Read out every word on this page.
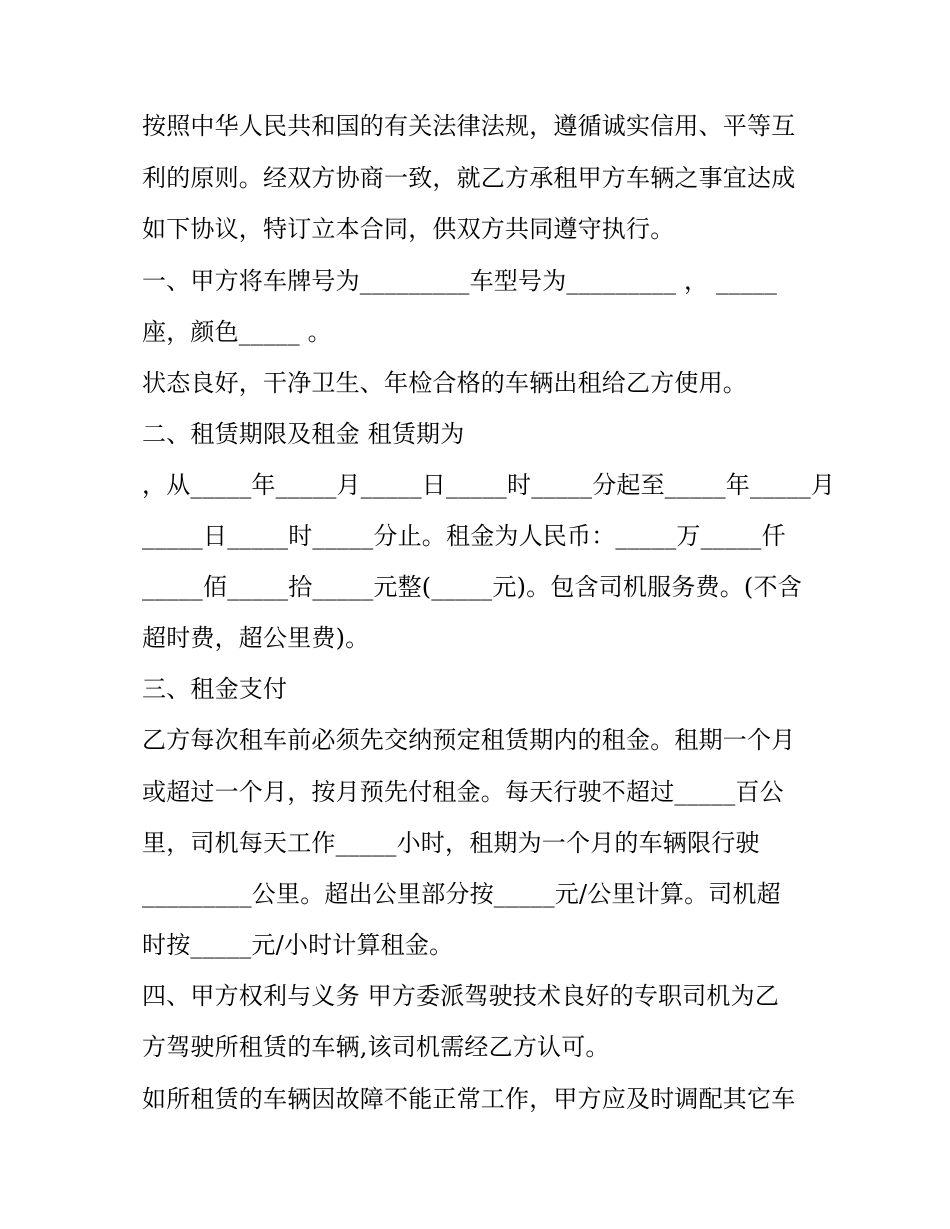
按照中华人民共和国的有关法律法规，遵循诚实信用、平等互
利的原则。经双方协商一致，就乙方承租甲方车辆之事宜达成
如下协议，特订立本合同，供双方共同遵守执行。
一、甲方将车牌号为_________车型号为_________ ， _____
座，颜色_____ 。
状态良好，干净卫生、年检合格的车辆出租给乙方使用。
二、租赁期限及租金 租赁期为
，从_____年_____月_____日_____时_____分起至_____年_____月
_____日_____时_____分止。租金为人民币：_____万_____仟
_____佰_____拾_____元整(_____元)。包含司机服务费。(不含
超时费，超公里费)。
三、租金支付
乙方每次租车前必须先交纳预定租赁期内的租金。租期一个月
或超过一个月，按月预先付租金。每天行驶不超过_____百公
里，司机每天工作_____小时，租期为一个月的车辆限行驶
_________公里。超出公里部分按_____元/公里计算。司机超
时按_____元/小时计算租金。
四、甲方权利与义务 甲方委派驾驶技术良好的专职司机为乙
方驾驶所租赁的车辆,该司机需经乙方认可。
如所租赁的车辆因故障不能正常工作，甲方应及时调配其它车
